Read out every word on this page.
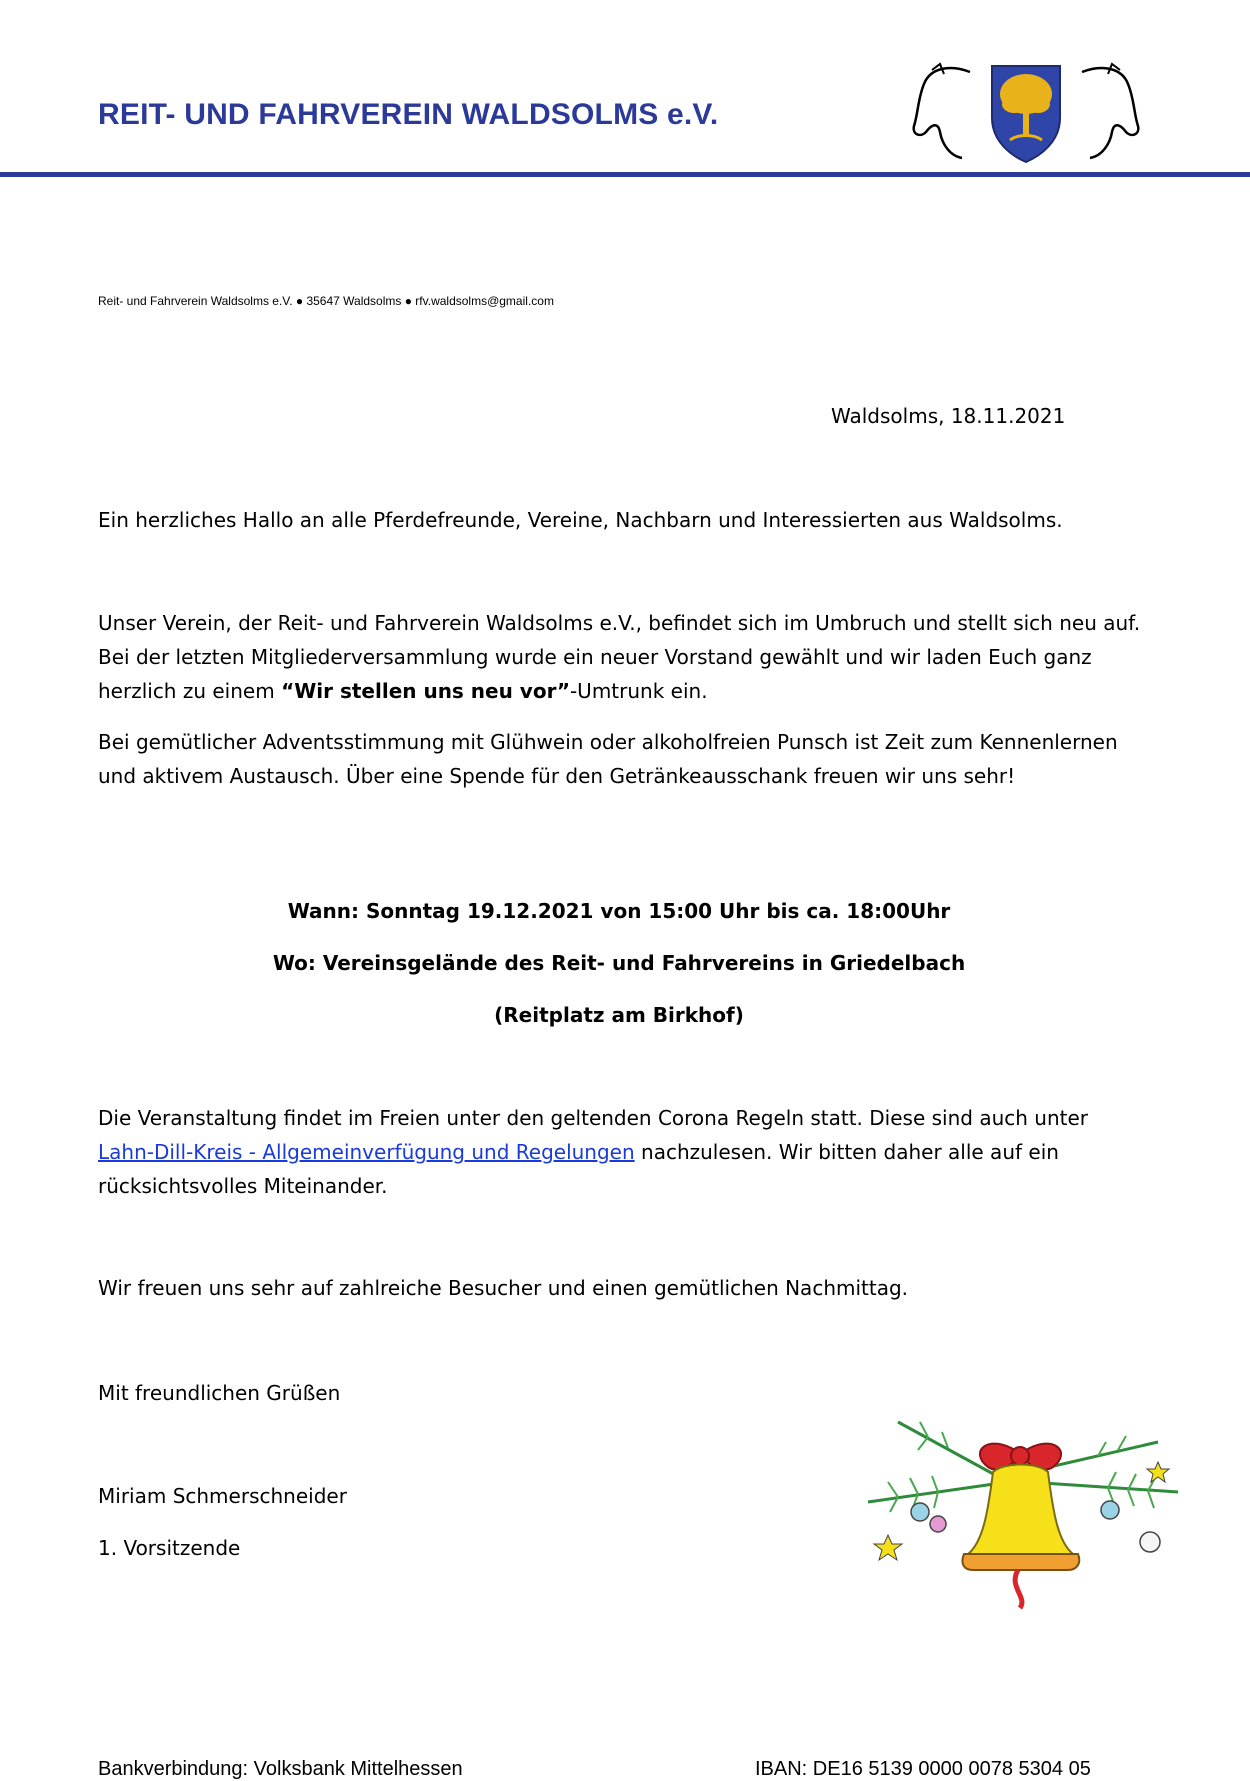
REIT- UND FAHRVEREIN WALDSOLMS e.V.
Reit- und Fahrverein Waldsolms e.V. ● 35647 Waldsolms ● rfv.waldsolms@gmail.com
Waldsolms, 18.11.2021

Ein herzliches Hallo an alle Pferdefreunde, Vereine, Nachbarn und Interessierten aus Waldsolms.

Unser Verein, der Reit- und Fahrverein Waldsolms e.V., befindet sich im Umbruch und stellt sich neu auf. Bei der letzten Mitgliederversammlung wurde ein neuer Vorstand gewählt und wir laden Euch ganz herzlich zu einem “Wir stellen uns neu vor”-Umtrunk ein.

Bei gemütlicher Adventsstimmung mit Glühwein oder alkoholfreien Punsch ist Zeit zum Kennenlernen und aktivem Austausch. Über eine Spende für den Getränkeausschank freuen wir uns sehr!

Wann: Sonntag 19.12.2021 von 15:00 Uhr bis ca. 18:00Uhr

Wo: Vereinsgelände des Reit- und Fahrvereins in Griedelbach

(Reitplatz am Birkhof)

Die Veranstaltung findet im Freien unter den geltenden Corona Regeln statt. Diese sind auch unter Lahn-Dill-Kreis - Allgemeinverfügung und Regelungen nachzulesen. Wir bitten daher alle auf ein rücksichtsvolles Miteinander.

Wir freuen uns sehr auf zahlreiche Besucher und einen gemütlichen Nachmittag.

Mit freundlichen Grüßen

Miriam Schmerschneider

1. Vorsitzende

Bankverbindung: Volksbank Mittelhessen	IBAN: DE16 5139 0000 0078 5304 05
